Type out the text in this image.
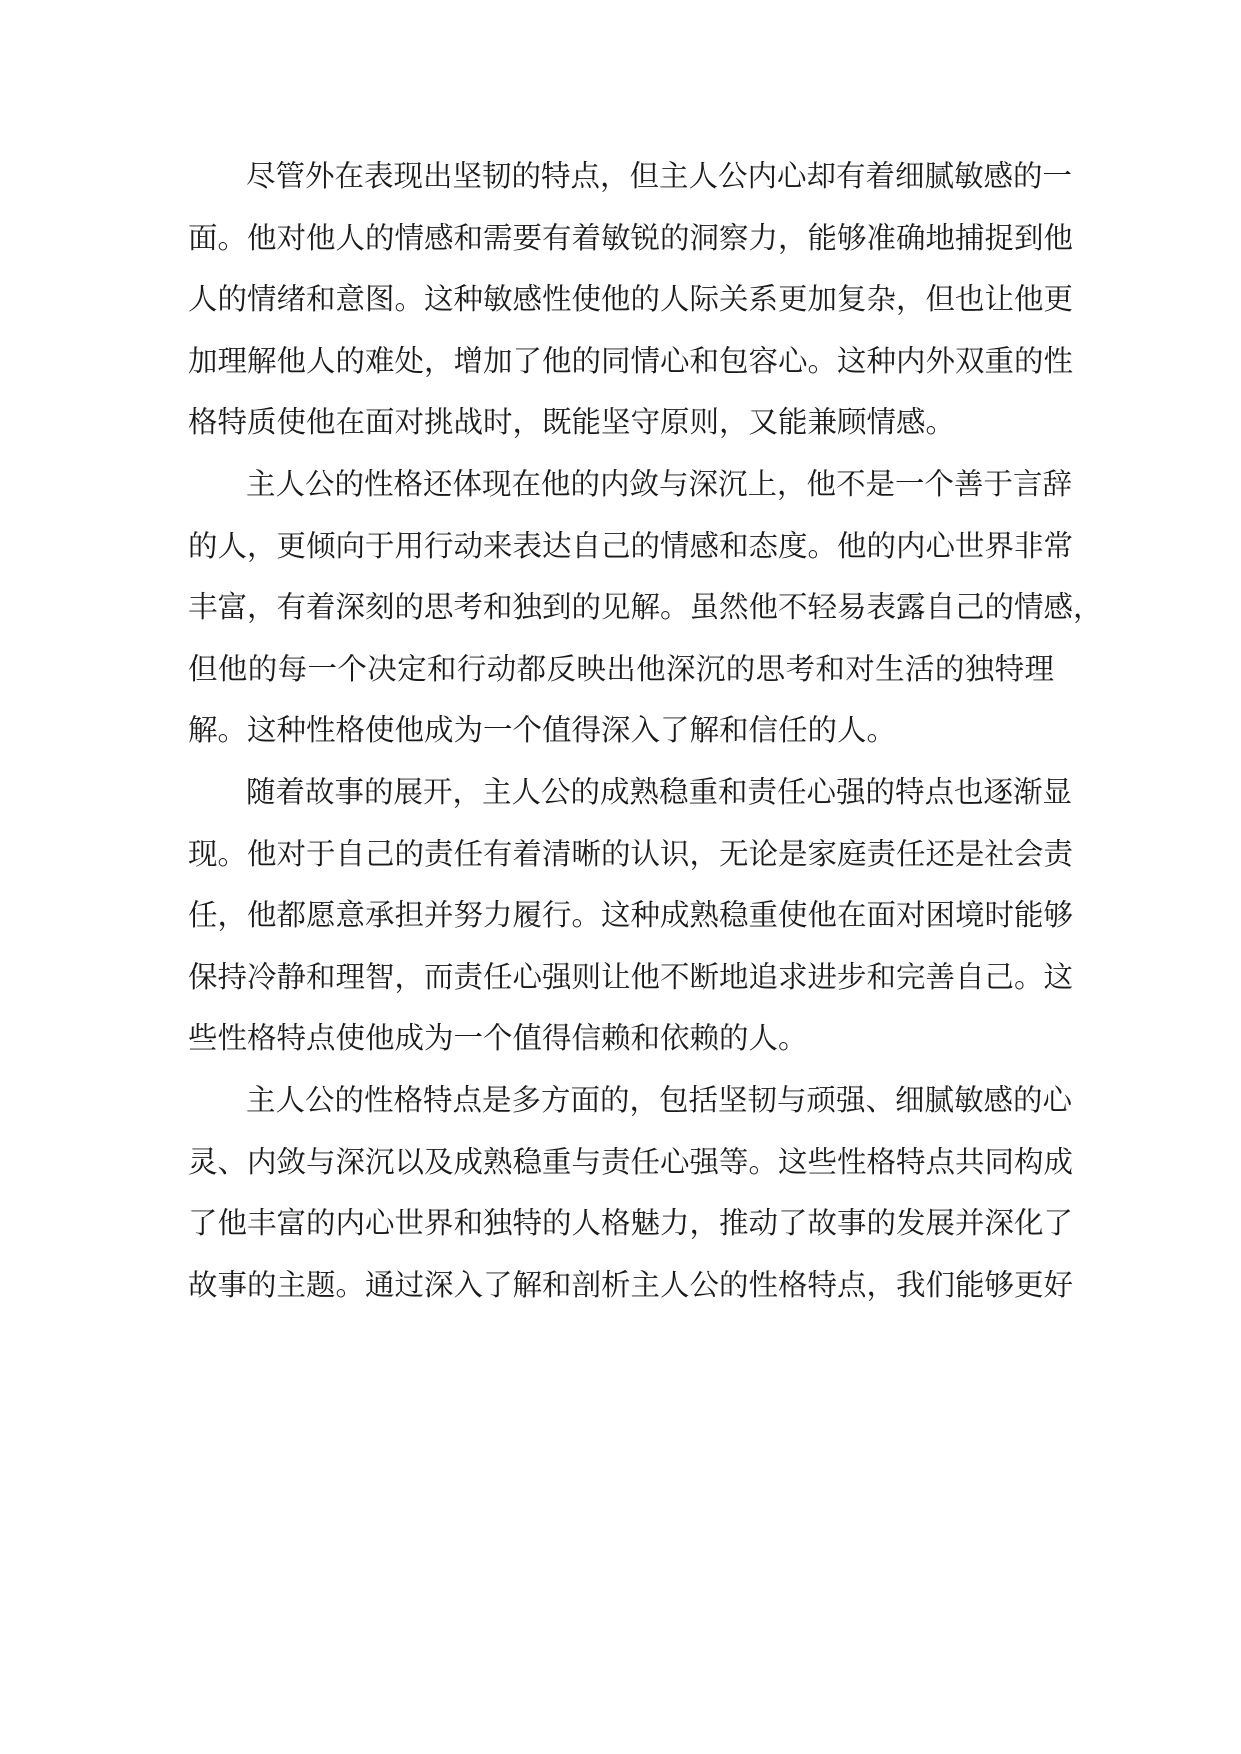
尽管外在表现出坚韧的特点，但主人公内心却有着细腻敏感的一
面。他对他人的情感和需要有着敏锐的洞察力，能够准确地捕捉到他
人的情绪和意图。这种敏感性使他的人际关系更加复杂，但也让他更
加理解他人的难处，增加了他的同情心和包容心。这种内外双重的性
格特质使他在面对挑战时，既能坚守原则，又能兼顾情感。
主人公的性格还体现在他的内敛与深沉上，他不是一个善于言辞
的人，更倾向于用行动来表达自己的情感和态度。他的内心世界非常
丰富，有着深刻的思考和独到的见解。虽然他不轻易表露自己的情感，
但他的每一个决定和行动都反映出他深沉的思考和对生活的独特理
解。这种性格使他成为一个值得深入了解和信任的人。
随着故事的展开，主人公的成熟稳重和责任心强的特点也逐渐显
现。他对于自己的责任有着清晰的认识，无论是家庭责任还是社会责
任，他都愿意承担并努力履行。这种成熟稳重使他在面对困境时能够
保持冷静和理智，而责任心强则让他不断地追求进步和完善自己。这
些性格特点使他成为一个值得信赖和依赖的人。
主人公的性格特点是多方面的，包括坚韧与顽强、细腻敏感的心
灵、内敛与深沉以及成熟稳重与责任心强等。这些性格特点共同构成
了他丰富的内心世界和独特的人格魅力，推动了故事的发展并深化了
故事的主题。通过深入了解和剖析主人公的性格特点，我们能够更好
